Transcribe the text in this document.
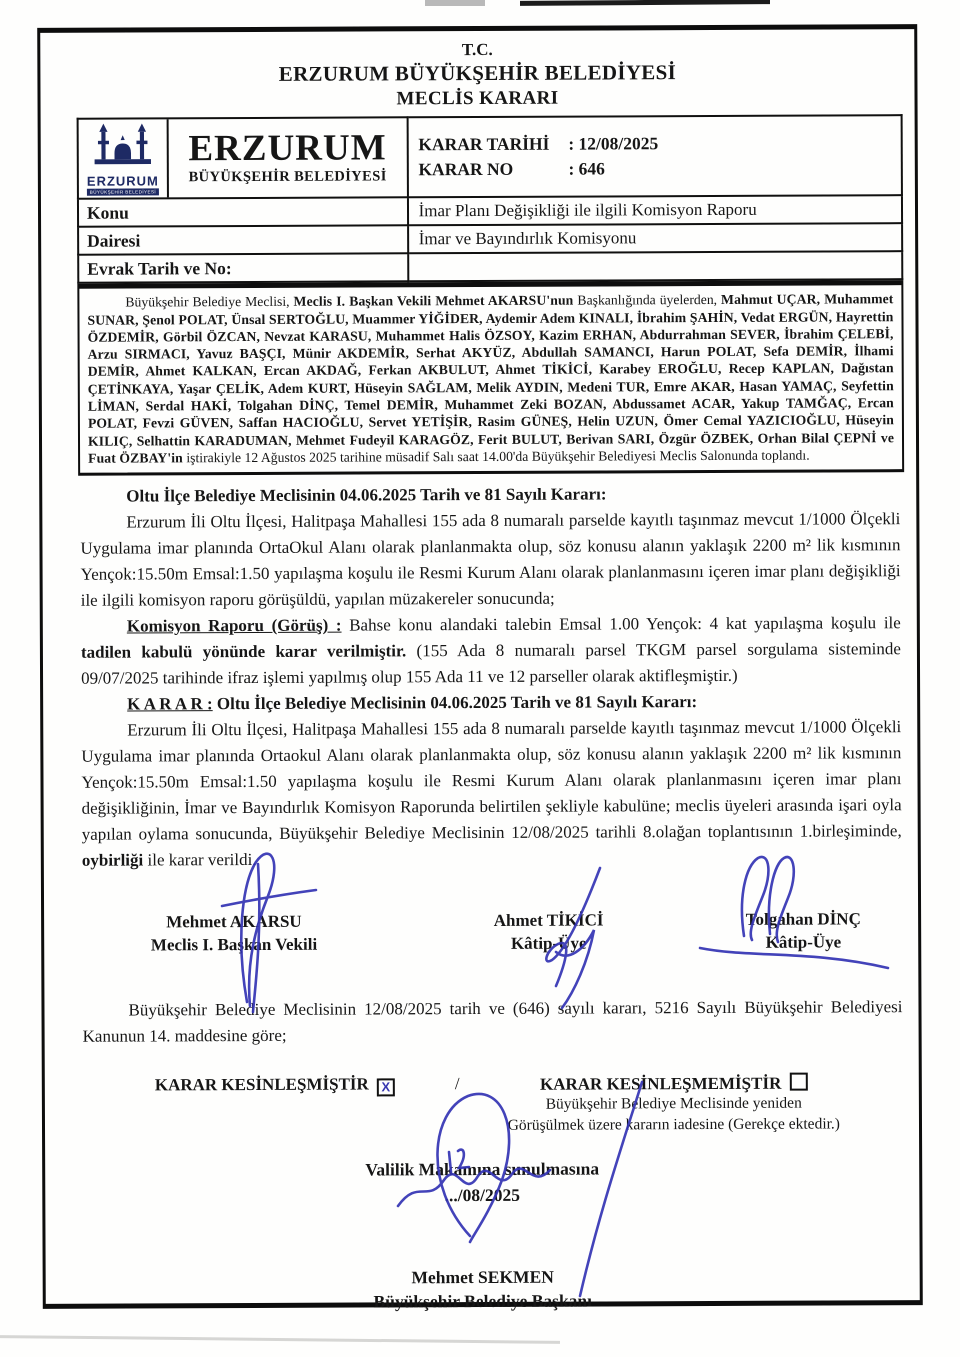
T.C.
ERZURUM BÜYÜKŞEHİR BELEDİYESİ
MECLİS KARARI
ERZURUM
BÜYÜKŞEHİR BELEDİYESİ
ERZURUM
BÜYÜKŞEHİR BELEDİYESİ

KARAR TARİHİ	: 12/08/2025
KARAR NO	: 646

Konu	İmar Planı Değişikliği ile ilgili Komisyon Raporu
Dairesi	İmar ve Bayındırlık Komisyonu
Evrak Tarih ve No:	

Büyükşehir Belediye Meclisi, Meclis I. Başkan Vekili Mehmet AKARSU'nun Başkanlığında üyelerden, Mahmut UÇAR, Muhammet SUNAR, Şenol POLAT, Ünsal SERTOĞLU, Muammer YİĞİDER, Aydemir Adem KINALI, İbrahim ŞAHİN, Vedat ERGÜN, Hayrettin ÖZDEMİR, Görbil ÖZCAN, Nevzat KARASU, Muhammet Halis ÖZSOY, Kazim ERHAN, Abdurrahman SEVER, İbrahim ÇELEBİ, Arzu SIRMACI, Yavuz BAŞÇI, Münir AKDEMİR, Serhat AKYÜZ, Abdullah SAMANCI, Harun POLAT, Sefa DEMİR, İlhami DEMİR, Ahmet KALKAN, Ercan AKDAĞ, Ferkan AKBULUT, Ahmet TİKİCİ, Karabey EROĞLU, Recep KAPLAN, Dağıstan ÇETİNKAYA, Yaşar ÇELİK, Adem KURT, Hüseyin SAĞLAM, Melik AYDIN, Medeni TUR, Emre AKAR, Hasan YAMAÇ, Seyfettin LİMAN, Serdal HAKİ, Tolgahan DİNÇ, Temel DEMİR, Muhammet Zeki BOZAN, Abdussamet ACAR, Yakup TAMĞAÇ, Ercan POLAT, Fevzi GÜVEN, Saffan HACIOĞLU, Servet YETİŞİR, Rasim GÜNEŞ, Helin UZUN, Ömer Cemal YAZICIOĞLU, Hüseyin KILIÇ, Selhattin KARADUMAN, Mehmet Fudeyil KARAGÖZ, Ferit BULUT, Berivan SARI, Özgür ÖZBEK, Orhan Bilal ÇEPNİ ve Fuat ÖZBAY'in iştirakiyle 12 Ağustos 2025 tarihine müsadif Salı saat 14.00'da Büyükşehir Belediyesi Meclis Salonunda toplandı.

Oltu İlçe Belediye Meclisinin 04.06.2025 Tarih ve 81 Sayılı Kararı:

Erzurum İli Oltu İlçesi, Halitpaşa Mahallesi 155 ada 8 numaralı parselde kayıtlı taşınmaz mevcut 1/1000 Ölçekli Uygulama imar planında OrtaOkul Alanı olarak planlanmakta olup, söz konusu alanın yaklaşık 2200 m² lik kısmının Yençok:15.50m Emsal:1.50 yapılaşma koşulu ile Resmi Kurum Alanı olarak planlanmasını içeren imar planı değişikliği ile ilgili komisyon raporu görüşüldü, yapılan müzakereler sonucunda;

Komisyon Raporu (Görüş) : Bahse konu alandaki talebin Emsal 1.00 Yençok: 4 kat yapılaşma koşulu ile tadilen kabulü yönünde karar verilmiştir. (155 Ada 8 numaralı parsel TKGM parsel sorgulama sisteminde 09/07/2025 tarihinde ifraz işlemi yapılmış olup 155 Ada 11 ve 12 parseller olarak aktifleşmiştir.)

K A R A R : Oltu İlçe Belediye Meclisinin 04.06.2025 Tarih ve 81 Sayılı Kararı:

Erzurum İli Oltu İlçesi, Halitpaşa Mahallesi 155 ada 8 numaralı parselde kayıtlı taşınmaz mevcut 1/1000 Ölçekli Uygulama imar planında Ortaokul Alanı olarak planlanmakta olup, söz konusu alanın yaklaşık 2200 m² lik kısmının Yençok:15.50m Emsal:1.50 yapılaşma koşulu ile Resmi Kurum Alanı olarak planlanmasını içeren imar planı değişikliğinin, İmar ve Bayındırlık Komisyon Raporunda belirtilen şekliyle kabulüne; meclis üyeleri arasında işari oyla yapılan oylama sonucunda, Büyükşehir Belediye Meclisinin 12/08/2025 tarihli 8.olağan toplantısının 1.birleşiminde, oybirliği ile karar verildi.

Mehmet AKARSU
Meclis I. Başkan Vekili
Ahmet TİKİCİ
Kâtip-Üye
Tolgahan DİNÇ
Kâtip-Üye

Büyükşehir Belediye Meclisinin 12/08/2025 tarih ve (646) sayılı kararı, 5216 Sayılı Büyükşehir Belediyesi Kanunun 14. maddesine göre;

KARAR KESİNLEŞMİŞTİR X	/	KARAR KESİNLEŞMEMİŞTİR
Büyükşehir Belediye Meclisinde yeniden
Görüşülmek üzere kararın iadesine (Gerekçe ektedir.)
Valilik Makamına sunulmasına
.../08/2025
Mehmet SEKMEN
Büyükşehir Belediye Başkanı
